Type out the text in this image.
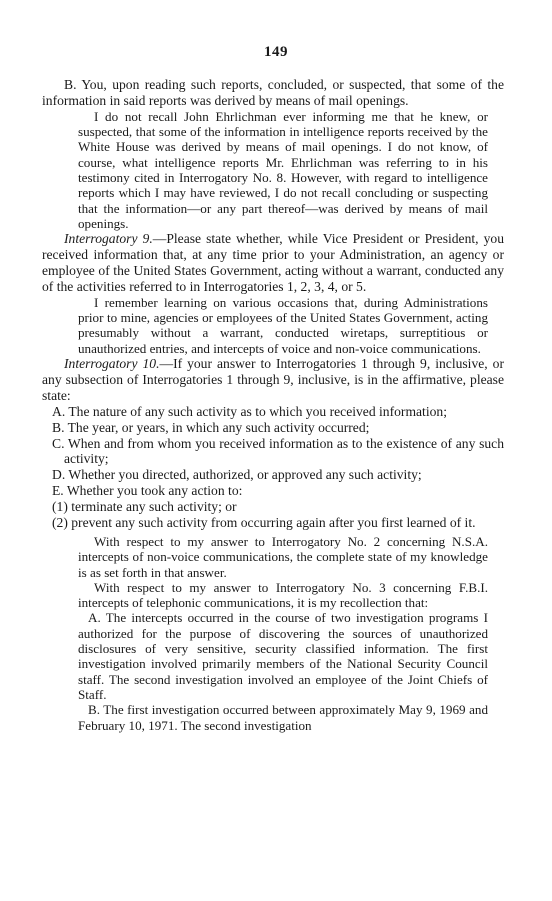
149

B. You, upon reading such reports, concluded, or suspected, that some of the information in said reports was derived by means of mail openings.

I do not recall John Ehrlichman ever informing me that he knew, or suspected, that some of the information in intelligence reports received by the White House was derived by means of mail openings. I do not know, of course, what intelligence reports Mr. Ehrlichman was referring to in his testimony cited in Interrogatory No. 8. However, with regard to intelligence reports which I may have reviewed, I do not recall concluding or suspecting that the information—or any part thereof—was derived by means of mail openings.

Interrogatory 9.—Please state whether, while Vice President or President, you received information that, at any time prior to your Administration, an agency or employee of the United States Government, acting without a warrant, conducted any of the activities referred to in Interrogatories 1, 2, 3, 4, or 5.

I remember learning on various occasions that, during Administrations prior to mine, agencies or employees of the United States Government, acting presumably without a warrant, conducted wiretaps, surreptitious or unauthorized entries, and intercepts of voice and non-voice communications.

Interrogatory 10.—If your answer to Interrogatories 1 through 9, inclusive, or any subsection of Interrogatories 1 through 9, inclusive, is in the affirmative, please state:

A. The nature of any such activity as to which you received information;

B. The year, or years, in which any such activity occurred;

C. When and from whom you received information as to the existence of any such activity;

D. Whether you directed, authorized, or approved any such activity;

E. Whether you took any action to:

(1) terminate any such activity; or

(2) prevent any such activity from occurring again after you first learned of it.

With respect to my answer to Interrogatory No. 2 concerning N.S.A. intercepts of non-voice communications, the complete state of my knowledge is as set forth in that answer.

With respect to my answer to Interrogatory No. 3 concerning F.B.I. intercepts of telephonic communications, it is my recollection that:

A. The intercepts occurred in the course of two investigation programs I authorized for the purpose of discovering the sources of unauthorized disclosures of very sensitive, security classified information. The first investigation involved primarily members of the National Security Council staff. The second investigation involved an employee of the Joint Chiefs of Staff.

B. The first investigation occurred between approximately May 9, 1969 and February 10, 1971. The second investigation
